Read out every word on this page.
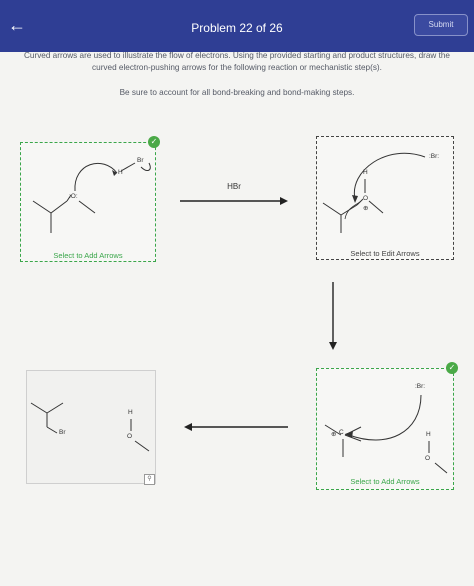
Problem 22 of 26
←	Submit
Curved arrows are used to illustrate the flow of electrons. Using the provided starting and product structures, draw the curved electron-pushing arrows for the following reaction or mechanistic step(s).
Be sure to account for all bond-breaking and bond-making steps.
:O:
H
Br
Select to Add Arrows
✓
HBr
:Br:
H
O
⊕
Select to Edit Arrows
:Br:
⊕ C	H
O
Select to Add Arrows
✓
Br
H
O
⚲
